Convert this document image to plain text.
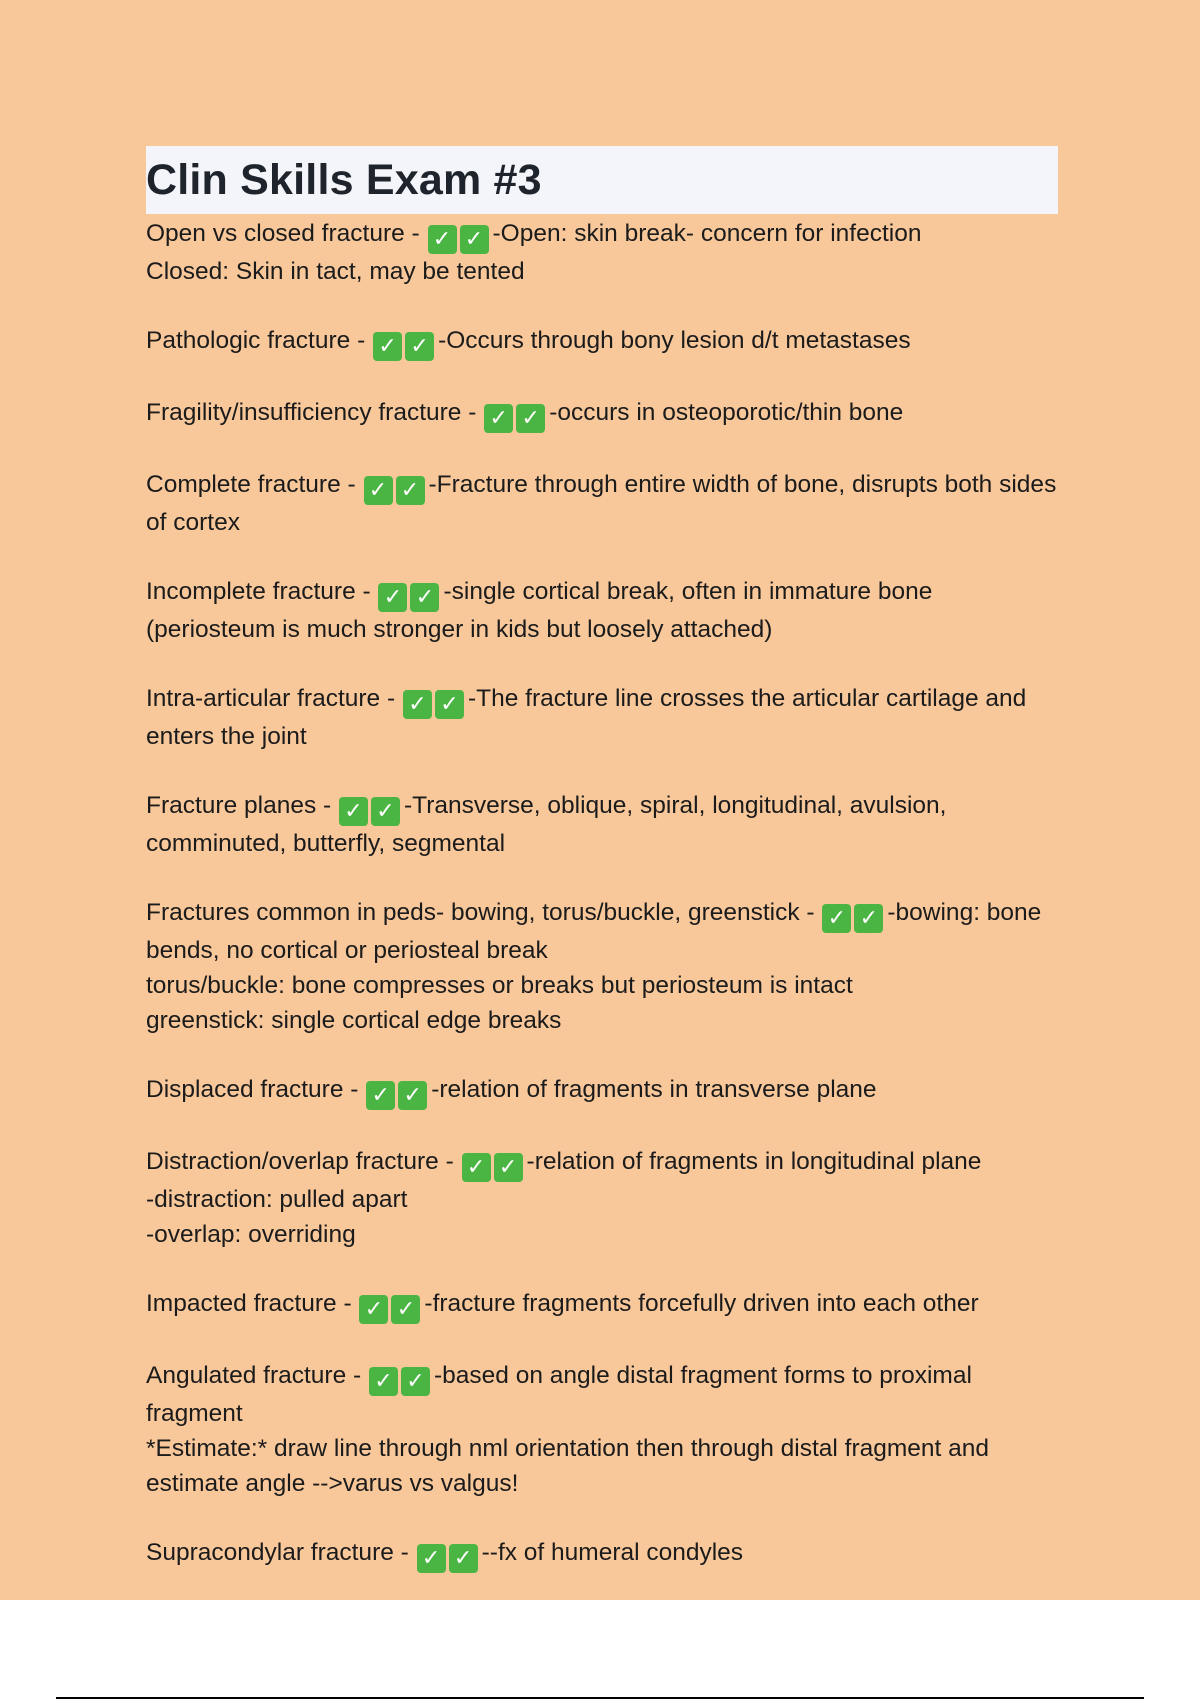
Clin Skills Exam #3

Open vs closed fracture - ✓ ✓ -Open: skin break- concern for infection

Closed: Skin in tact, may be tented

Pathologic fracture - ✓ ✓ -Occurs through bony lesion d/t metastases

Fragility/insufficiency fracture - ✓ ✓ -occurs in osteoporotic/thin bone

Complete fracture - ✓ ✓ -Fracture through entire width of bone, disrupts both sides of cortex

Incomplete fracture - ✓ ✓ -single cortical break, often in immature bone (periosteum is much stronger in kids but loosely attached)

Intra-articular fracture - ✓ ✓ -The fracture line crosses the articular cartilage and enters the joint

Fracture planes - ✓ ✓ -Transverse, oblique, spiral, longitudinal, avulsion, comminuted, butterfly, segmental

Fractures common in peds- bowing, torus/buckle, greenstick - ✓ ✓ -bowing: bone bends, no cortical or periosteal break

torus/buckle: bone compresses or breaks but periosteum is intact

greenstick: single cortical edge breaks

Displaced fracture - ✓ ✓ -relation of fragments in transverse plane

Distraction/overlap fracture - ✓ ✓ -relation of fragments in longitudinal plane

-distraction: pulled apart

-overlap: overriding

Impacted fracture - ✓ ✓ -fracture fragments forcefully driven into each other

Angulated fracture - ✓ ✓ -based on angle distal fragment forms to proximal fragment

*Estimate:* draw line through nml orientation then through distal fragment and estimate angle -->varus vs valgus!

Supracondylar fracture - ✓ ✓ --fx of humeral condyles
